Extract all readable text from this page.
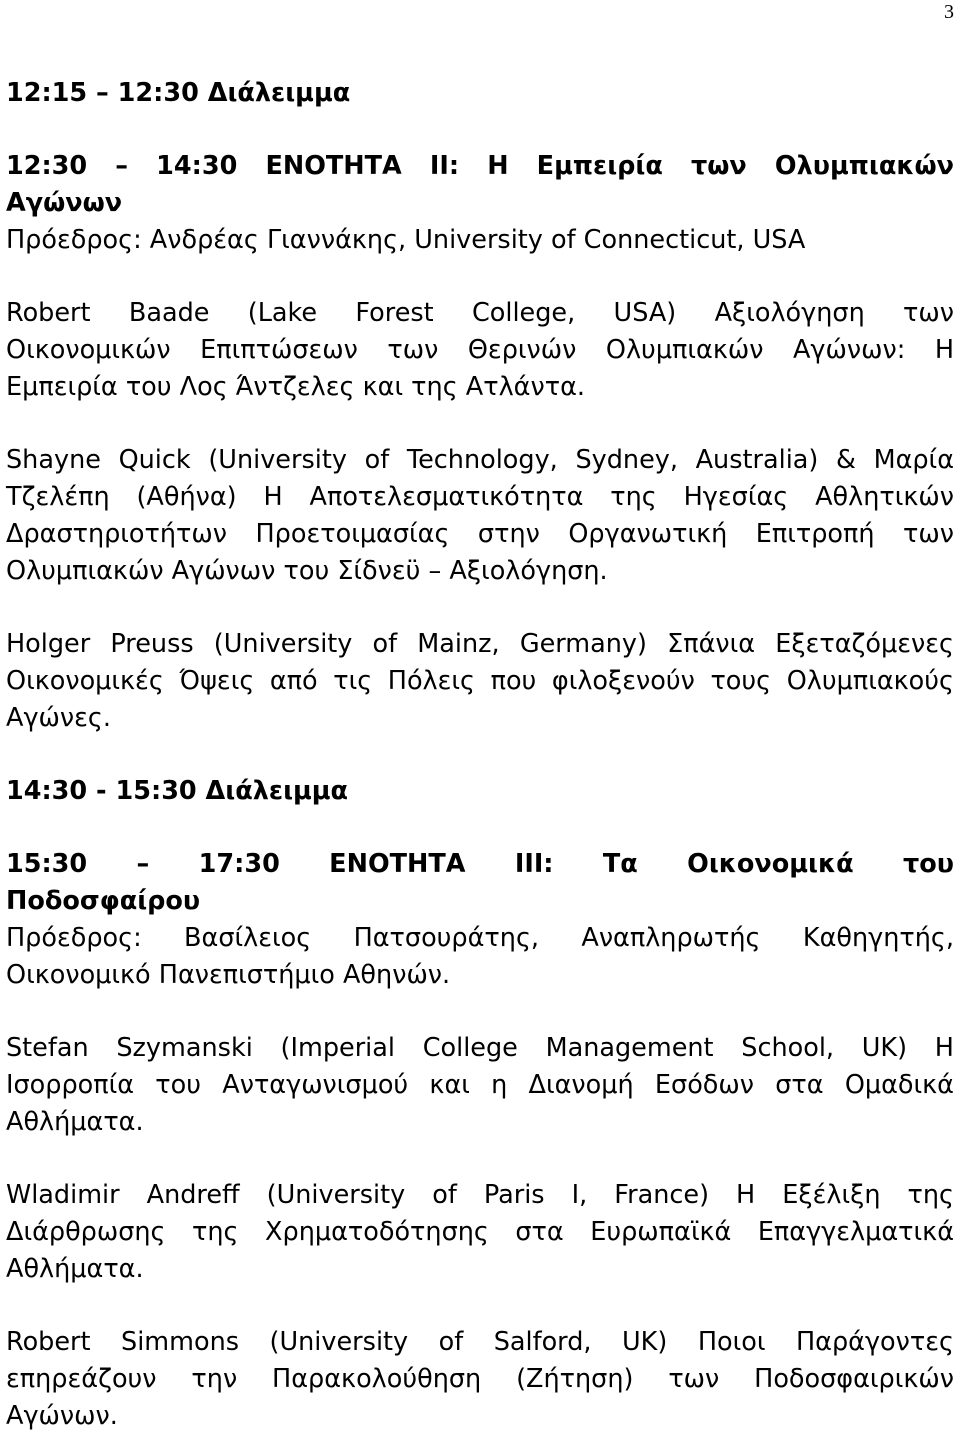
3
12:15 – 12:30 Διάλειμμα
12:30 – 14:30 ΕΝΟΤΗΤΑ ΙΙ: Η Εμπειρία των Ολυμπιακών
Αγώνων
Πρόεδρος: Ανδρέας Γιαννάκης, University of Connecticut, USA
Robert Baade (Lake Forest College, USA) Αξιολόγηση των
Οικονομικών Επιπτώσεων των Θερινών Ολυμπιακών Αγώνων: Η
Εμπειρία του Λος Άντζελες και της Ατλάντα.
Shayne Quick (University of Technology, Sydney, Australia) & Μαρία
Τζελέπη (Αθήνα) Η Αποτελεσματικότητα της Ηγεσίας Αθλητικών
Δραστηριοτήτων Προετοιμασίας στην Οργανωτική Επιτροπή των
Ολυμπιακών Αγώνων του Σίδνεϋ – Αξιολόγηση.
Holger Preuss (University of Mainz, Germany) Σπάνια Εξεταζόμενες
Οικονομικές Όψεις από τις Πόλεις που φιλοξενούν τους Ολυμπιακούς
Αγώνες.
14:30 - 15:30 Διάλειμμα
15:30 – 17:30 ΕΝΟΤΗΤΑ ΙΙΙ: Τα Οικονομικά του
Ποδοσφαίρου
Πρόεδρος: Βασίλειος Πατσουράτης, Αναπληρωτής Καθηγητής,
Οικονομικό Πανεπιστήμιο Αθηνών.
Stefan Szymanski (Imperial College Management School, UK) Η
Ισορροπία του Ανταγωνισμού και η Διανομή Εσόδων στα Ομαδικά
Αθλήματα.
Wladimir Andreff (University of Paris I, France) Η Εξέλιξη της
Διάρθρωσης της Χρηματοδότησης στα Ευρωπαϊκά Επαγγελματικά
Αθλήματα.
Robert Simmons (University of Salford, UK) Ποιοι Παράγοντες
επηρεάζουν την Παρακολούθηση (Ζήτηση) των Ποδοσφαιρικών
Αγώνων.
